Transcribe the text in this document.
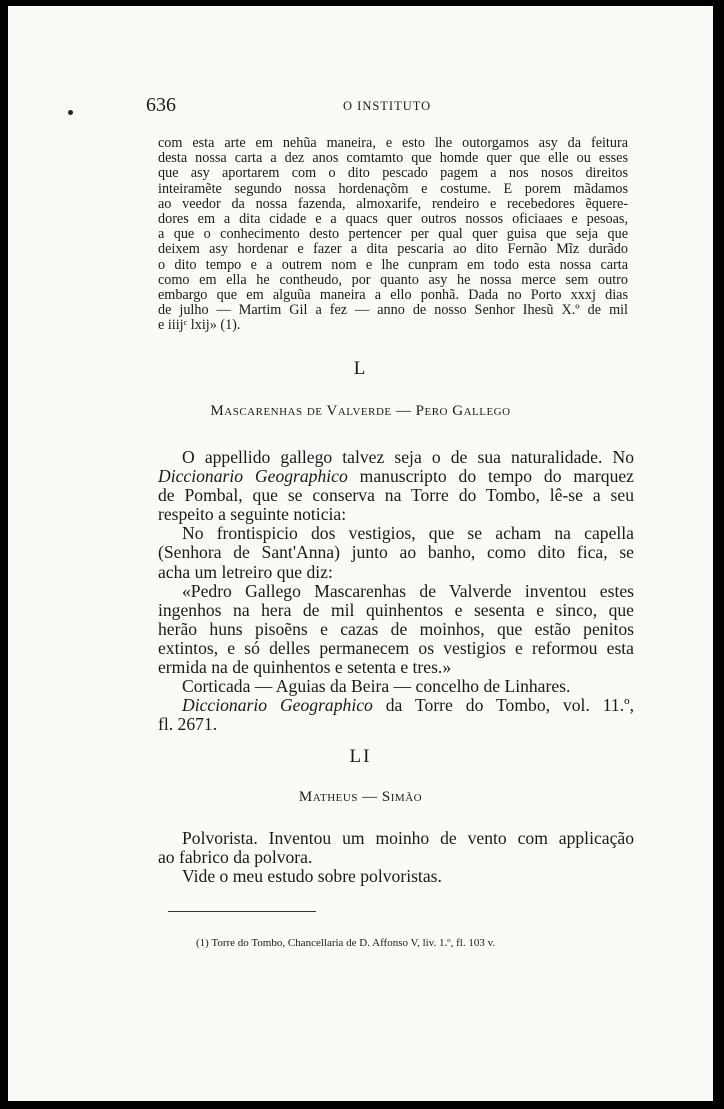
636	O INSTITUTO

com esta arte em nehũa maneira, e esto lhe outorgamos asy da feitura

desta nossa carta a dez anos comtamto que homde quer que elle ou esses

que asy aportarem com o dito pescado pagem a nos nosos direitos

inteiramẽte segundo nossa hordenaçõm e costume. E porem mãdamos

ao veedor da nossa fazenda, almoxarife, rendeiro e recebedores ẽquere-

dores em a dita cidade e a quacs quer outros nossos oficiaaes e pesoas,

a que o conhecimento desto pertencer per qual quer guisa que seja que

deixem asy hordenar e fazer a dita pescaria ao dito Fernão Mĩz durãdo

o dito tempo e a outrem nom e lhe cunpram em todo esta nossa carta

como em ella he contheudo, por quanto asy he nossa merce sem outro

embargo que em alguũa maneira a ello ponhã. Dada no Porto xxxj dias

de julho — Martim Gil a fez — anno de nosso Senhor Ihesũ X.º de mil

e iiijᶜ lxij» (1).

L
Mascarenhas de Valverde — Pero Gallego
O appellido gallego talvez seja o de sua naturalidade. No
Diccionario Geographico manuscripto do tempo do marquez
de Pombal, que se conserva na Torre do Tombo, lê-se a seu
respeito a seguinte noticia:
No frontispicio dos vestigios, que se acham na capella
(Senhora de Sant'Anna) junto ao banho, como dito fica, se
acha um letreiro que diz:
«Pedro Gallego Mascarenhas de Valverde inventou estes
ingenhos na hera de mil quinhentos e sesenta e sinco, que
herão huns pisoẽns e cazas de moinhos, que estão penitos
extintos, e só delles permanecem os vestigios e reformou esta
ermida na de quinhentos e setenta e tres.»
Corticada — Aguias da Beira — concelho de Linhares.
Diccionario Geographico da Torre do Tombo, vol. 11.º,
fl. 2671.
LI
Matheus — Simão
Polvorista. Inventou um moinho de vento com applicação
ao fabrico da polvora.
Vide o meu estudo sobre polvoristas.
(1) Torre do Tombo, Chancellaria de D. Affonso V, liv. 1.º, fl. 103 v.
